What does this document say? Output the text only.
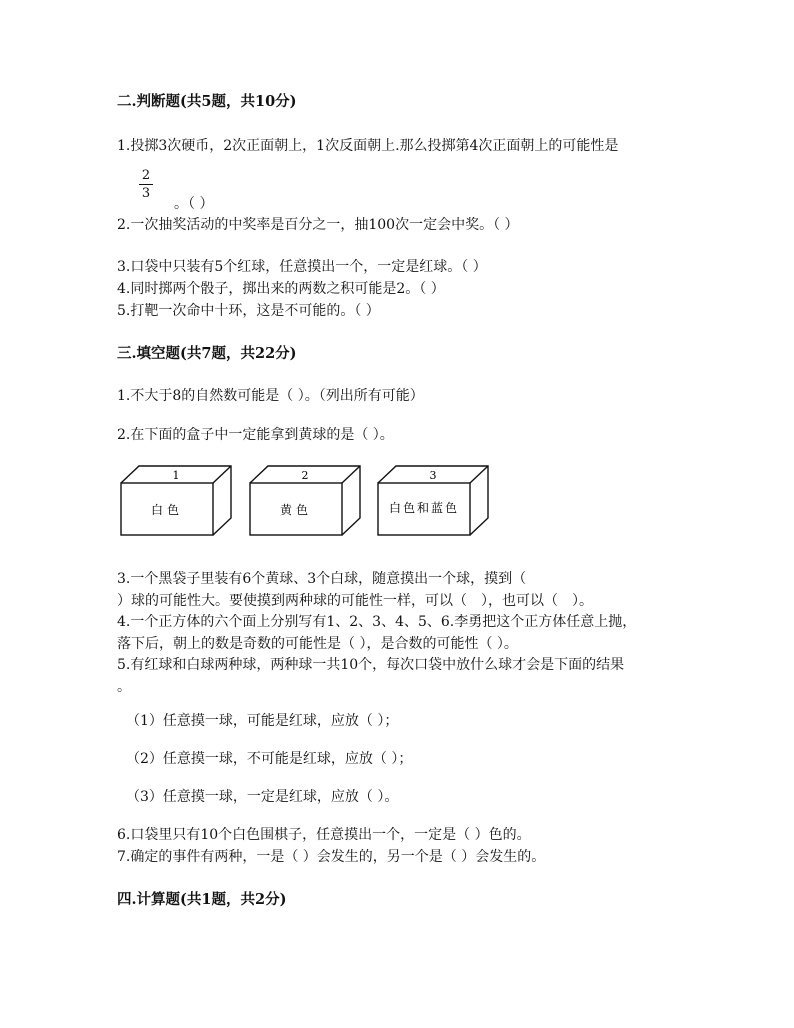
二.判断题(共5题，共10分)
1.投掷3次硬币，2次正面朝上，1次反面朝上.那么投掷第4次正面朝上的可能性是
2
3
。（ ）
2.一次抽奖活动的中奖率是百分之一，抽100次一定会中奖。（ ）
3.口袋中只装有5个红球，任意摸出一个，一定是红球。（ ）
4.同时掷两个骰子，掷出来的两数之积可能是2。（ ）
5.打靶一次命中十环，这是不可能的。（ ）
三.填空题(共7题，共22分)
1.不大于8的自然数可能是（ ）。（列出所有可能）
2.在下面的盒子中一定能拿到黄球的是（ ）。
1
白色
2
黄色
3
白色和蓝色
3.一个黑袋子里装有6个黄球、3个白球，随意摸出一个球，摸到（
）球的可能性大。要使摸到两种球的可能性一样，可以（　），也可以（　）。
4.一个正方体的六个面上分别写有1、2、3、4、5、6.李勇把这个正方体任意上抛，
落下后，朝上的数是奇数的可能性是（ ），是合数的可能性（ ）。
5.有红球和白球两种球，两种球一共10个，每次口袋中放什么球才会是下面的结果
。
（1）任意摸一球，可能是红球，应放（ ）；
（2）任意摸一球，不可能是红球，应放（ ）；
（3）任意摸一球，一定是红球，应放（ ）。
6.口袋里只有10个白色围棋子，任意摸出一个，一定是（ ）色的。
7.确定的事件有两种，一是（ ）会发生的，另一个是（ ）会发生的。
四.计算题(共1题，共2分)
